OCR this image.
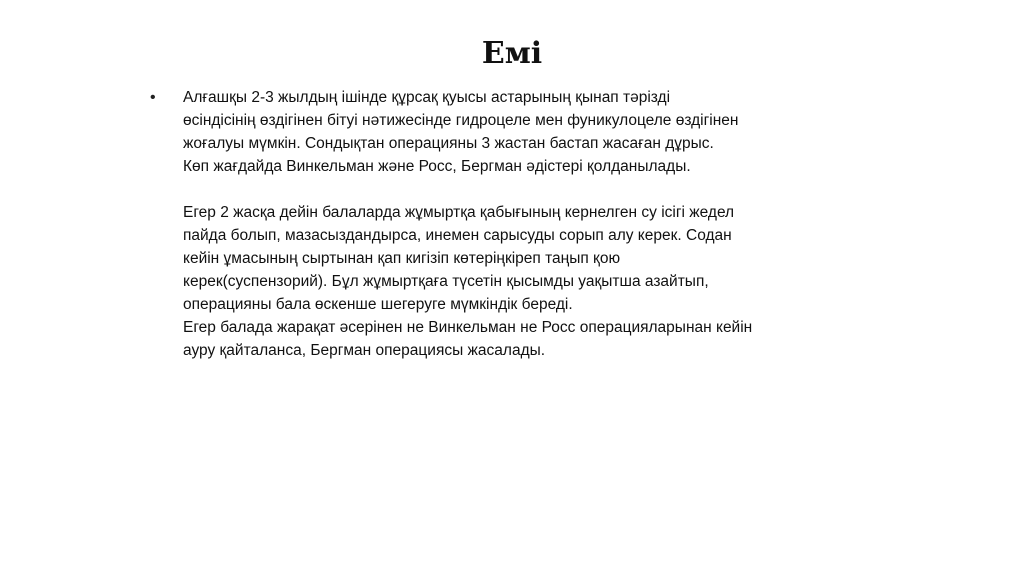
Емі
• Алғашқы 2-3 жылдың ішінде құрсақ қуысы астарының қынап тәрізді
өсіндісінің өздігінен бітуі нәтижесінде гидроцеле мен фуникулоцеле өздігінен
жоғалуы мүмкін. Сондықтан операцияны 3 жастан бастап жасаған дұрыс.
Көп жағдайда Винкельман және Росс, Бергман әдістері қолданылады.
Егер 2 жасқа дейін балаларда жұмыртқа қабығының кернелген су ісігі жедел
пайда болып, мазасыздандырса, инемен сарысуды сорып алу керек. Содан
кейін ұмасының сыртынан қап кигізіп көтеріңкіреп таңып қою
керек(суспензорий). Бұл жұмыртқаға түсетін қысымды уақытша азайтып,
операцияны бала өскенше шегеруге мүмкіндік береді.
Егер балада жарақат әсерінен не Винкельман не Росс операцияларынан кейін
ауру қайталанса, Бергман операциясы жасалады.
